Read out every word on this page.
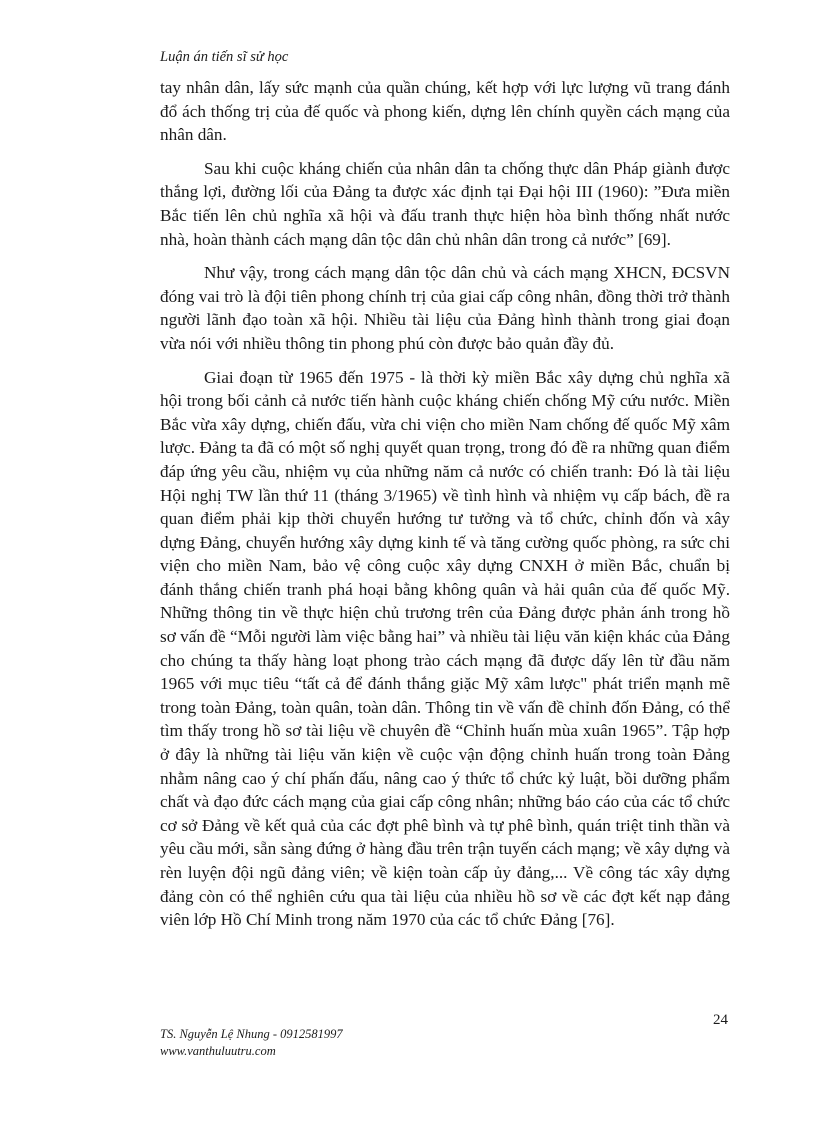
Luận án tiến sĩ sử học

tay nhân dân, lấy sức mạnh của quần chúng, kết hợp với lực lượng vũ trang đánh đổ ách thống trị của đế quốc và phong kiến, dựng lên chính quyền cách mạng của nhân dân.

Sau khi cuộc kháng chiến của nhân dân ta chống thực dân Pháp giành được thắng lợi, đường lối của Đảng ta được xác định tại Đại hội III (1960): ”Đưa miền Bắc tiến lên chủ nghĩa xã hội và đấu tranh thực hiện hòa bình thống nhất nước nhà, hoàn thành cách mạng dân tộc dân chủ nhân dân trong cả nước” [69].

Như vậy, trong cách mạng dân tộc dân chủ và cách mạng XHCN, ĐCSVN đóng vai trò là đội tiên phong chính trị của giai cấp công nhân, đồng thời trở thành người lãnh đạo toàn xã hội. Nhiều tài liệu của Đảng hình thành trong giai đoạn vừa nói với nhiều thông tin phong phú còn được bảo quản đầy đủ.

Giai đoạn từ 1965 đến 1975 - là thời kỳ miền Bắc xây dựng chủ nghĩa xã hội trong bối cảnh cả nước tiến hành cuộc kháng chiến chống Mỹ cứu nước. Miền Bắc vừa xây dựng, chiến đấu, vừa chi viện cho miền Nam chống đế quốc Mỹ xâm lược. Đảng ta đã có một số nghị quyết quan trọng, trong đó đề ra những quan điểm đáp ứng yêu cầu, nhiệm vụ của những năm cả nước có chiến tranh: Đó là tài liệu Hội nghị TW lần thứ 11 (tháng 3/1965) về tình hình và nhiệm vụ cấp bách, đề ra quan điểm phải kịp thời chuyển hướng tư tưởng và tổ chức, chỉnh đốn và xây dựng Đảng, chuyển hướng xây dựng kinh tế và tăng cường quốc phòng, ra sức chi viện cho miền Nam, bảo vệ công cuộc xây dựng CNXH ở miền Bắc, chuẩn bị đánh thắng chiến tranh phá hoại bằng không quân và hải quân của đế quốc Mỹ. Những thông tin về thực hiện chủ trương trên của Đảng được phản ánh trong hồ sơ vấn đề “Mỗi người làm việc bằng hai” và nhiều tài liệu văn kiện khác của Đảng cho chúng ta thấy hàng loạt phong trào cách mạng đã được dấy lên từ đầu năm 1965 với mục tiêu “tất cả để đánh thắng giặc Mỹ xâm lược" phát triển mạnh mẽ trong toàn Đảng, toàn quân, toàn dân. Thông tin về vấn đề chỉnh đốn Đảng, có thể tìm thấy trong hồ sơ tài liệu về chuyên đề “Chỉnh huấn mùa xuân 1965”. Tập hợp ở đây là những tài liệu văn kiện về cuộc vận động chỉnh huấn trong toàn Đảng nhằm nâng cao ý chí phấn đấu, nâng cao ý thức tổ chức kỷ luật, bồi dưỡng phẩm chất và đạo đức cách mạng của giai cấp công nhân; những báo cáo của các tổ chức cơ sở Đảng về kết quả của các đợt phê bình và tự phê bình, quán triệt tinh thần và yêu cầu mới, sẵn sàng đứng ở hàng đầu trên trận tuyến cách mạng; về xây dựng và rèn luyện đội ngũ đảng viên; về kiện toàn cấp ủy đảng,... Về công tác xây dựng đảng còn có thể nghiên cứu qua tài liệu của nhiều hồ sơ về các đợt kết nạp đảng viên lớp Hồ Chí Minh trong năm 1970 của các tổ chức Đảng [76].

24
TS. Nguyễn Lệ Nhung - 0912581997
www.vanthuluutru.com
